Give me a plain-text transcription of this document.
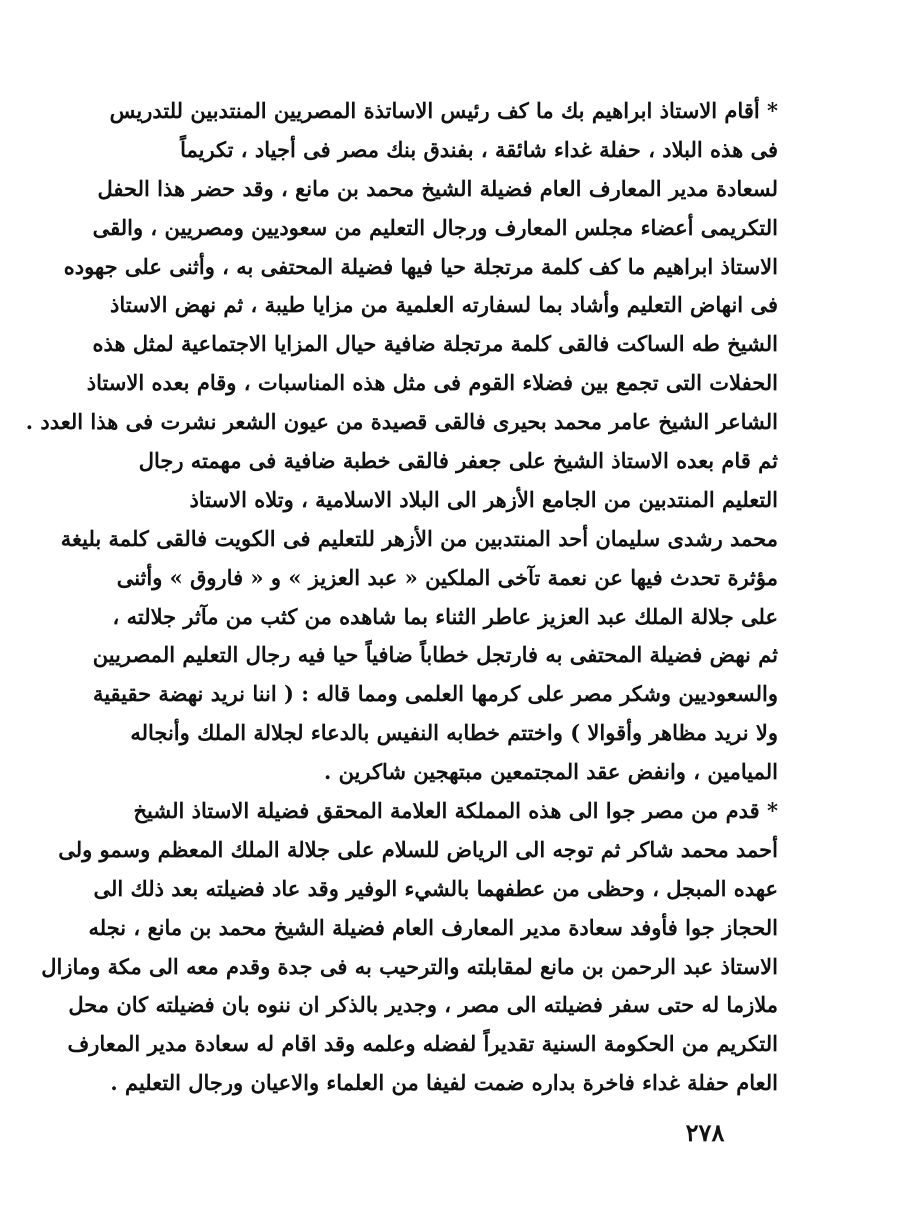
* أقام الاستاذ ابراهيم بك ما كف رئيس الاساتذة المصريين المنتدبين للتدريس
فى هذه البلاد ، حفلة غداء شائقة ، بفندق بنك مصر فى أجياد ، تكريماً
لسعادة مدير المعارف العام فضيلة الشيخ محمد بن مانع ، وقد حضر هذا الحفل
التكريمى أعضاء مجلس المعارف ورجال التعليم من سعوديين ومصريين ، والقى
الاستاذ ابراهيم ما كف كلمة مرتجلة حيا فيها فضيلة المحتفى به ، وأثنى على جهوده
فى انهاض التعليم وأشاد بما لسفارته العلمية من مزايا طيبة ، ثم نهض الاستاذ
الشيخ طه الساكت فالقى كلمة مرتجلة ضافية حيال المزايا الاجتماعية لمثل هذه
الحفلات التى تجمع بين فضلاء القوم فى مثل هذه المناسبات ، وقام بعده الاستاذ
الشاعر الشيخ عامر محمد بحيرى فالقى قصيدة من عيون الشعر نشرت فى هذا العدد .
ثم قام بعده الاستاذ الشيخ على جعفر فالقى خطبة ضافية فى مهمته رجال
التعليم المنتدبين من الجامع الأزهر الى البلاد الاسلامية ، وتلاه الاستاذ
محمد رشدى سليمان أحد المنتدبين من الأزهر للتعليم فى الكويت فالقى كلمة بليغة
مؤثرة تحدث فيها عن نعمة تآخى الملكين « عبد العزيز » و « فاروق » وأثنى
على جلالة الملك عبد العزيز عاطر الثناء بما شاهده من كثب من مآثر جلالته ،
ثم نهض فضيلة المحتفى به فارتجل خطاباً ضافياً حيا فيه رجال التعليم المصريين
والسعوديين وشكر مصر على كرمها العلمى ومما قاله : ( اننا نريد نهضة حقيقية
ولا نريد مظاهر وأقوالا ) واختتم خطابه النفيس بالدعاء لجلالة الملك وأنجاله
الميامين ، وانفض عقد المجتمعين مبتهجين شاكرين .
* قدم من مصر جوا الى هذه المملكة العلامة المحقق فضيلة الاستاذ الشيخ
أحمد محمد شاكر ثم توجه الى الرياض للسلام على جلالة الملك المعظم وسمو ولى
عهده المبجل ، وحظى من عطفهما بالشيء الوفير وقد عاد فضيلته بعد ذلك الى
الحجاز جوا فأوفد سعادة مدير المعارف العام فضيلة الشيخ محمد بن مانع ، نجله
الاستاذ عبد الرحمن بن مانع لمقابلته والترحيب به فى جدة وقدم معه الى مكة ومازال
ملازما له حتى سفر فضيلته الى مصر ، وجدير بالذكر ان ننوه بان فضيلته كان محل
التكريم من الحكومة السنية تقديراً لفضله وعلمه وقد اقام له سعادة مدير المعارف
العام حفلة غداء فاخرة بداره ضمت لفيفا من العلماء والاعيان ورجال التعليم .
٢٧٨
